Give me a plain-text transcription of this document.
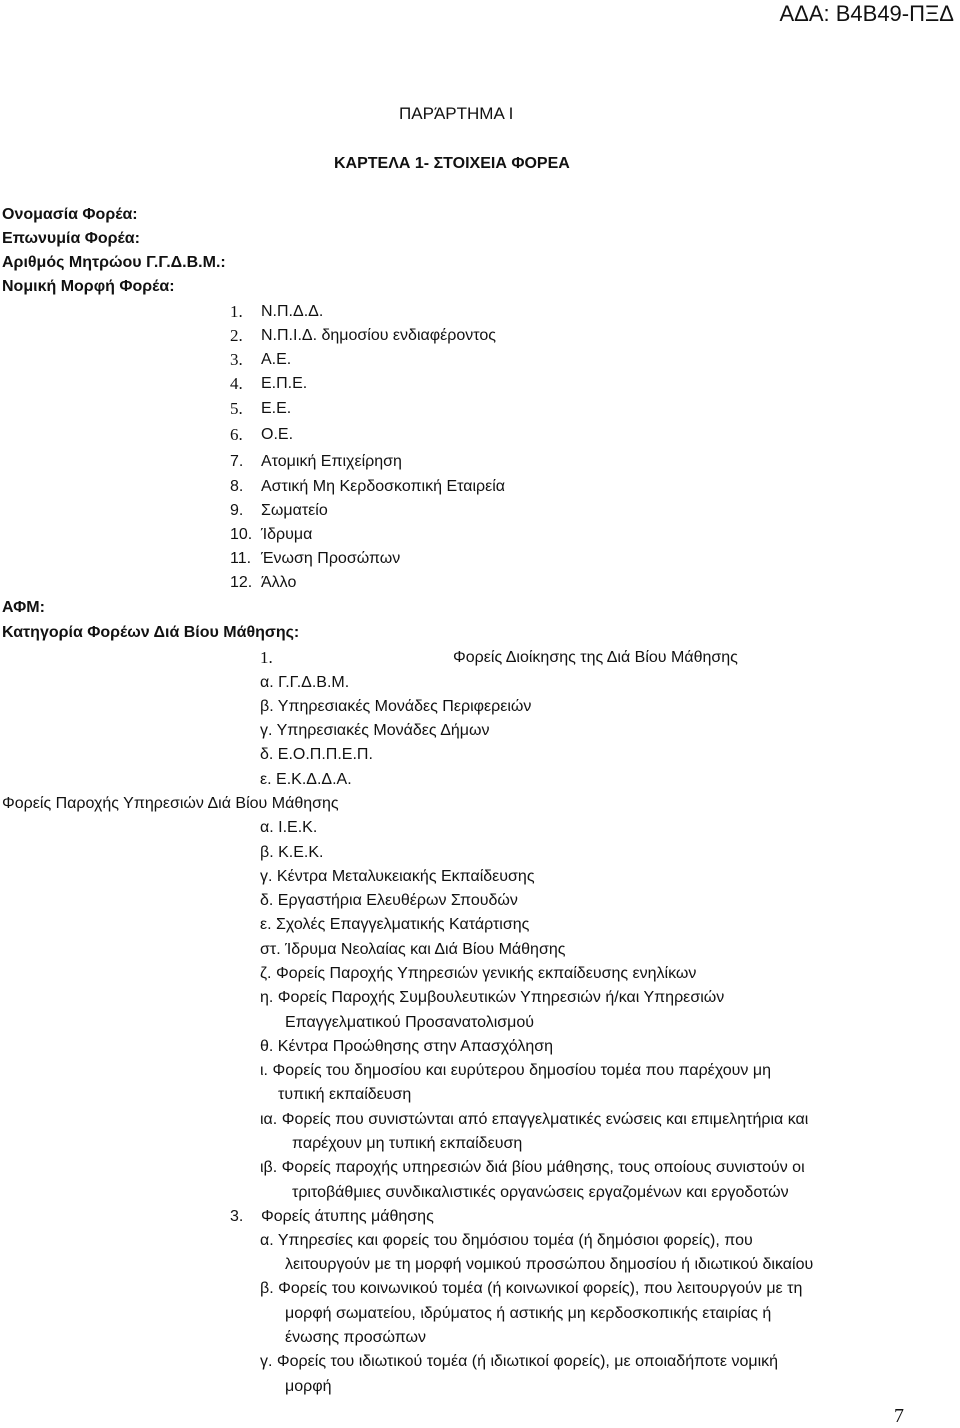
ΑΔΑ: Β4Β49-ΠΞΔ
ΠΑΡΆΡΤΗΜΑ Ι
ΚΑΡΤΕΛΑ 1- ΣΤΟΙΧΕΙΑ ΦΟΡΕΑ
Ονομασία Φορέα:
Επωνυμία Φορέα:
Αριθμός Μητρώου Γ.Γ.Δ.Β.Μ.:
Νομική Μορφή Φορέα:
1. Ν.Π.Δ.Δ.
2. Ν.Π.Ι.Δ. δημοσίου ενδιαφέροντος
3. Α.Ε.
4. Ε.Π.Ε.
5. Ε.Ε.
6. Ο.Ε.
7. Ατομική Επιχείρηση
8. Αστική Μη Κερδοσκοπική Εταιρεία
9. Σωματείο
10. Ίδρυμα
11. Ένωση Προσώπων
12. Άλλο
ΑΦΜ:
Κατηγορία Φορέων Διά Βίου Μάθησης:
1.	Φορείς Διοίκησης της Διά Βίου Μάθησης
α. Γ.Γ.Δ.Β.Μ.
β. Υπηρεσιακές Μονάδες Περιφερειών
γ. Υπηρεσιακές Μονάδες Δήμων
δ. Ε.Ο.Π.Π.Ε.Π.
ε. Ε.Κ.Δ.Δ.Α.
Φορείς Παροχής Υπηρεσιών Διά Βίου Μάθησης
α. Ι.Ε.Κ.
β. Κ.Ε.Κ.
γ. Κέντρα Μεταλυκειακής Εκπαίδευσης
δ. Εργαστήρια Ελευθέρων Σπουδών
ε. Σχολές Επαγγελματικής Κατάρτισης
στ. Ίδρυμα Νεολαίας και Διά Βίου Μάθησης
ζ. Φορείς Παροχής Υπηρεσιών γενικής εκπαίδευσης ενηλίκων
η. Φορείς Παροχής Συμβουλευτικών Υπηρεσιών ή/και Υπηρεσιών
Επαγγελματικού Προσανατολισμού
θ. Κέντρα Προώθησης στην Απασχόληση
ι. Φορείς του δημοσίου και ευρύτερου δημοσίου τομέα που παρέχουν μη
τυπική εκπαίδευση
ια. Φορείς που συνιστώνται από επαγγελματικές ενώσεις και επιμελητήρια και
παρέχουν μη τυπική εκπαίδευση
ιβ. Φορείς παροχής υπηρεσιών διά βίου μάθησης, τους οποίους συνιστούν οι
τριτοβάθμιες συνδικαλιστικές οργανώσεις εργαζομένων και εργοδοτών
3. Φορείς άτυπης μάθησης
α. Υπηρεσίες και φορείς του δημόσιου τομέα (ή δημόσιοι φορείς), που
λειτουργούν με τη μορφή νομικού προσώπου δημοσίου ή ιδιωτικού δικαίου
β. Φορείς του κοινωνικού τομέα (ή κοινωνικοί φορείς), που λειτουργούν με τη
μορφή σωματείου, ιδρύματος ή αστικής μη κερδοσκοπικής εταιρίας ή
ένωσης προσώπων
γ. Φορείς του ιδιωτικού τομέα (ή ιδιωτικοί φορείς), με οποιαδήποτε νομική
μορφή
7
